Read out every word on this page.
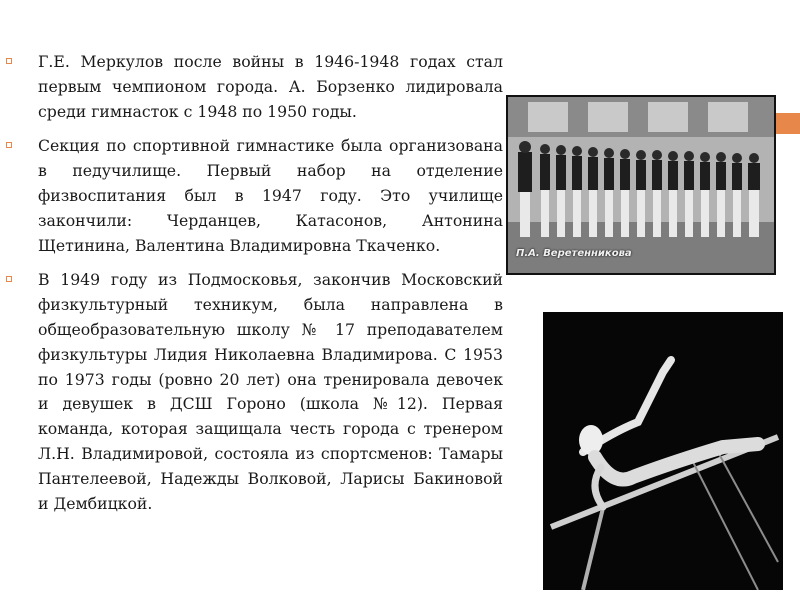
Г.Е. Меркулов после войны в 1946-1948 годах стал первым чемпионом города. А. Борзенко лидировала среди гимнасток с 1948 по 1950 годы.
Секция по спортивной гимнастике была организована в педучилище. Первый набор на отделение физвоспитания был в 1947 году. Это училище закончили: Черданцев, Катасонов, Антонина Щетинина, Валентина Владимировна Ткаченко.
В 1949 году из Подмосковья, закончив Московский физкультурный техникум, была направлена в общеобразовательную школу № 17 преподавателем физкультуры Лидия Николаевна Владимирова. С 1953 по 1973 годы (ровно 20 лет) она тренировала девочек и девушек в ДСШ Гороно (школа №12). Первая команда, которая защищала честь города с тренером Л.Н. Владимировой, состояла из спортсменов: Тамары Пантелеевой, Надежды Волковой, Ларисы Бакиновой и Дембицкой.
П.А. Веретенникова
